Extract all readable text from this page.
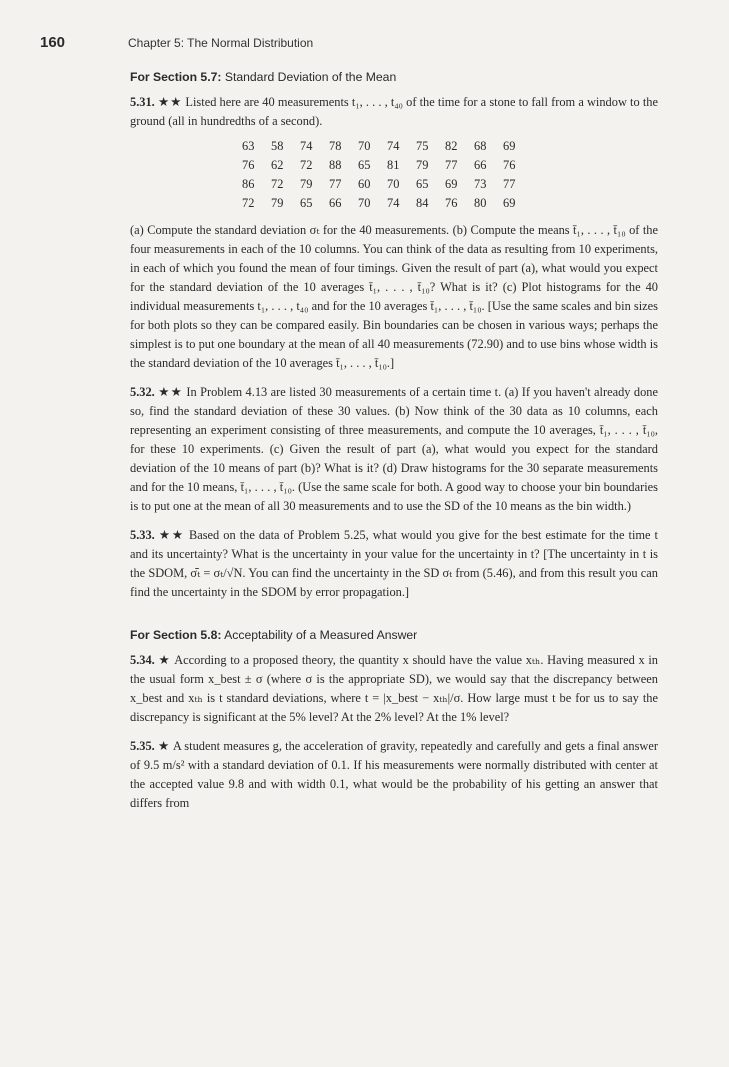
160	Chapter 5: The Normal Distribution
For Section 5.7: Standard Deviation of the Mean
5.31. ★★ Listed here are 40 measurements t₁, . . . , t₄₀ of the time for a stone to fall from a window to the ground (all in hundredths of a second).
63	58	74	78	70	74	75	82	68	69
76	62	72	88	65	81	79	77	66	76
86	72	79	77	60	70	65	69	73	77
72	79	65	66	70	74	84	76	80	69
(a) Compute the standard deviation σₜ for the 40 measurements. (b) Compute the means t̄₁, . . . , t̄₁₀ of the four measurements in each of the 10 columns. You can think of the data as resulting from 10 experiments, in each of which you found the mean of four timings. Given the result of part (a), what would you expect for the standard deviation of the 10 averages t̄₁, . . . , t̄₁₀? What is it? (c) Plot histograms for the 40 individual measurements t₁, . . . , t₄₀ and for the 10 averages t̄₁, . . . , t̄₁₀. [Use the same scales and bin sizes for both plots so they can be compared easily. Bin boundaries can be chosen in various ways; perhaps the simplest is to put one boundary at the mean of all 40 measurements (72.90) and to use bins whose width is the standard deviation of the 10 averages t̄₁, . . . , t̄₁₀.]
5.32. ★★ In Problem 4.13 are listed 30 measurements of a certain time t. (a) If you haven't already done so, find the standard deviation of these 30 values. (b) Now think of the 30 data as 10 columns, each representing an experiment consisting of three measurements, and compute the 10 averages, t̄₁, . . . , t̄₁₀, for these 10 experiments. (c) Given the result of part (a), what would you expect for the standard deviation of the 10 means of part (b)? What is it? (d) Draw histograms for the 30 separate measurements and for the 10 means, t̄₁, . . . , t̄₁₀. (Use the same scale for both. A good way to choose your bin boundaries is to put one at the mean of all 30 measurements and to use the SD of the 10 means as the bin width.)
5.33. ★★ Based on the data of Problem 5.25, what would you give for the best estimate for the time t and its uncertainty? What is the uncertainty in your value for the uncertainty in t? [The uncertainty in t is the SDOM, σₜ̄ = σₜ/√N. You can find the uncertainty in the SD σₜ from (5.46), and from this result you can find the uncertainty in the SDOM by error propagation.]
For Section 5.8: Acceptability of a Measured Answer
5.34. ★ According to a proposed theory, the quantity x should have the value xₜₕ. Having measured x in the usual form x_best ± σ (where σ is the appropriate SD), we would say that the discrepancy between x_best and xₜₕ is t standard deviations, where t = |x_best − xₜₕ|/σ. How large must t be for us to say the discrepancy is significant at the 5% level? At the 2% level? At the 1% level?
5.35. ★ A student measures g, the acceleration of gravity, repeatedly and carefully and gets a final answer of 9.5 m/s² with a standard deviation of 0.1. If his measurements were normally distributed with center at the accepted value 9.8 and with width 0.1, what would be the probability of his getting an answer that differs from
